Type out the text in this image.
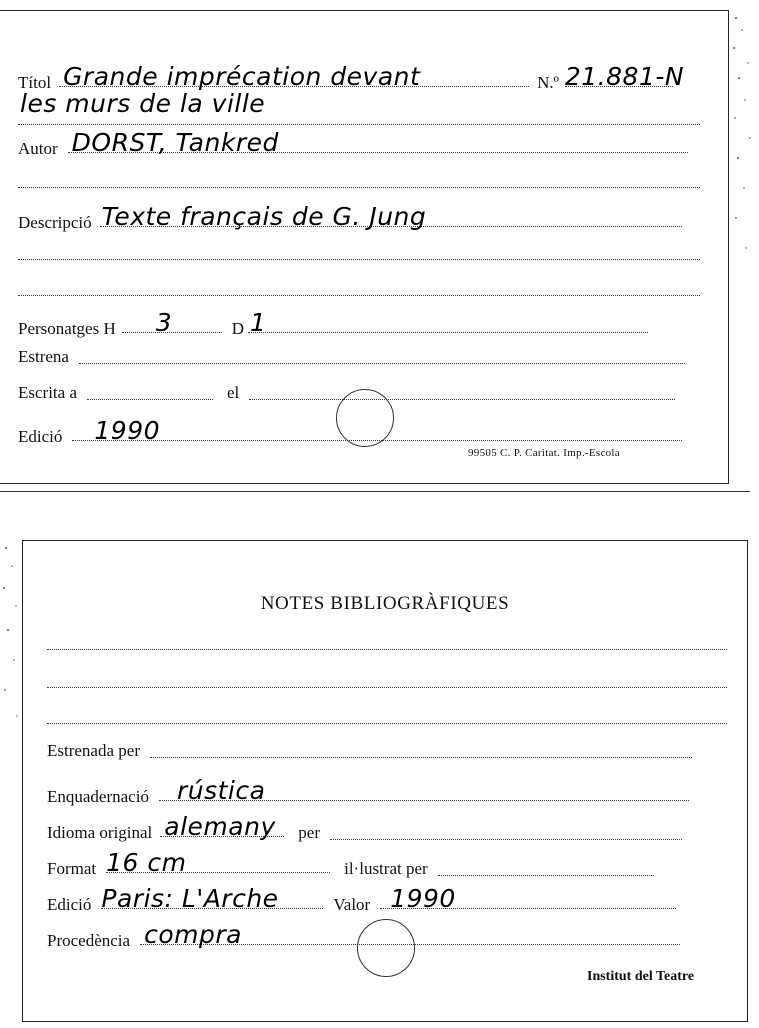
Títol Grande imprécation devant	N.º 21.881-N
les murs de la ville
Autor DORST, Tankred
Descripció Texte français de G. Jung
Personatges H 3	D 1
Estrena
Escrita a	el
Edició 1990
99505 C. P. Caritat. Imp.-Escola
NOTES BIBLIOGRÀFIQUES
Estrenada per
Enquadernació rústica
Idioma original alemany per
Format 16 cm	il·lustrat per
Edició Paris: L'Arche	Valor 1990
Procedència compra
Institut del Teatre
